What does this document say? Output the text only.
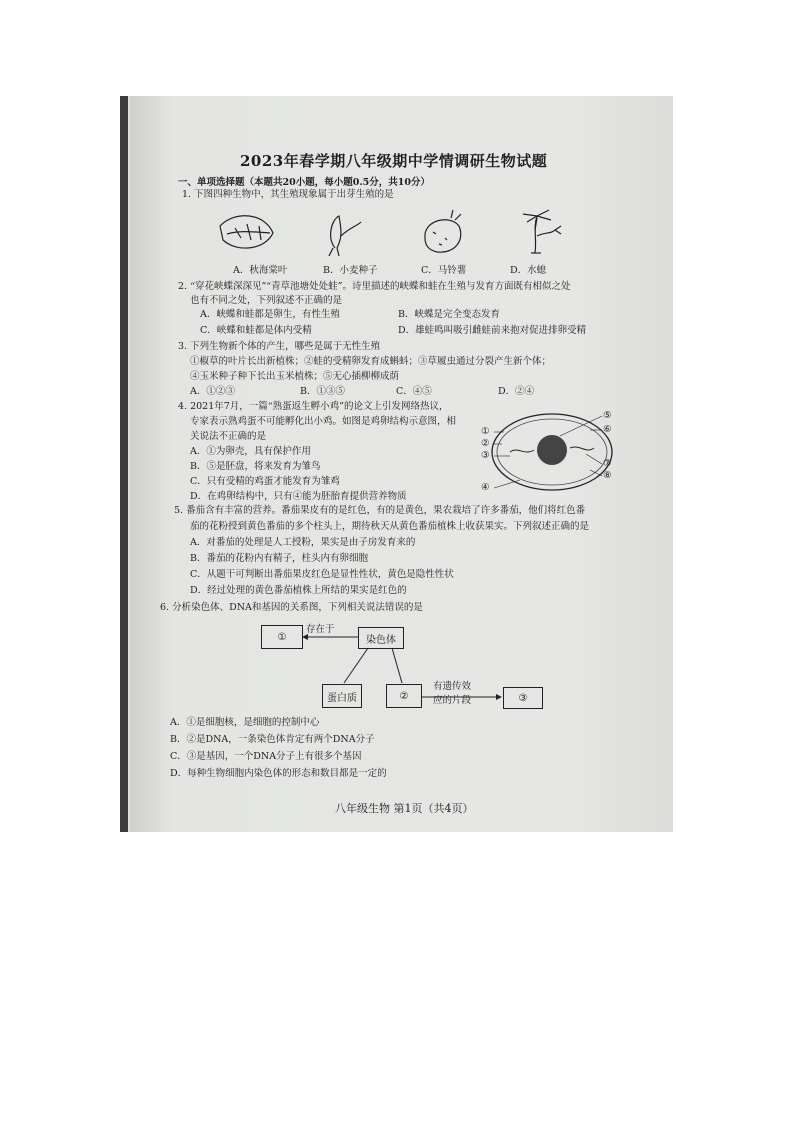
2023年春学期八年级期中学情调研生物试题
一、单项选择题（本题共20小题，每小题0.5分，共10分）
1. 下图四种生物中，其生殖现象属于出芽生殖的是
A．秋海棠叶	B．小麦种子	C．马铃薯	D．水螅
2. “穿花峡蝶深深见”“青草池塘处处蛙”。诗里描述的峡蝶和蛙在生殖与发育方面既有相似之处
也有不同之处，下列叙述不正确的是
A．峡蝶和蛙都是卵生，有性生殖	B．峡蝶是完全变态发育
C．峡蝶和蛙都是体内受精	D．雄蛙鸣叫吸引雌蛙前来抱对促进排卵受精
3. 下列生物新个体的产生，哪些是属于无性生殖
①椒草的叶片长出新植株；②蛙的受精卵发育成蝌蚪；③草履虫通过分裂产生新个体；
④玉米种子种下长出玉米植株；⑤无心插柳柳成荫
A．①②③	B．①③⑤	C．④⑤	D．②④
4. 2021年7月，一篇“熟蛋返生孵小鸡”的论文上引发网络热议，
专家表示熟鸡蛋不可能孵化出小鸡。如图是鸡卵结构示意图，相
关说法不正确的是
A．①为卵壳，具有保护作用
B．⑤是胚盘，将来发育为雏鸟
C．只有受精的鸡蛋才能发育为雏鸡
D．在鸡卵结构中，只有④能为胚胎育提供营养物质
①
②
③
④
⑤
⑥
⑦
⑧
5. 番茄含有丰富的营养。番茄果皮有的是红色，有的是黄色，果农栽培了许多番茄，他们将红色番
茄的花粉授到黄色番茄的多个柱头上，期待秋天从黄色番茄植株上收获果实。下列叙述正确的是
A．对番茄的处理是人工授粉，果实是由子房发育来的
B．番茄的花粉内有精子，柱头内有卵细胞
C．从题干可判断出番茄果皮红色是显性性状，黄色是隐性性状
D．经过处理的黄色番茄植株上所结的果实是红色的
6. 分析染色体、DNA和基因的关系图，下列相关说法错误的是
①
存在于
染色体
蛋白质	②
有遗传效
应的片段	③
A．①是细胞核，是细胞的控制中心
B．②是DNA，一条染色体肯定有两个DNA分子
C．③是基因，一个DNA分子上有很多个基因
D．每种生物细胞内染色体的形态和数目都是一定的
八年级生物 第1页（共4页）
